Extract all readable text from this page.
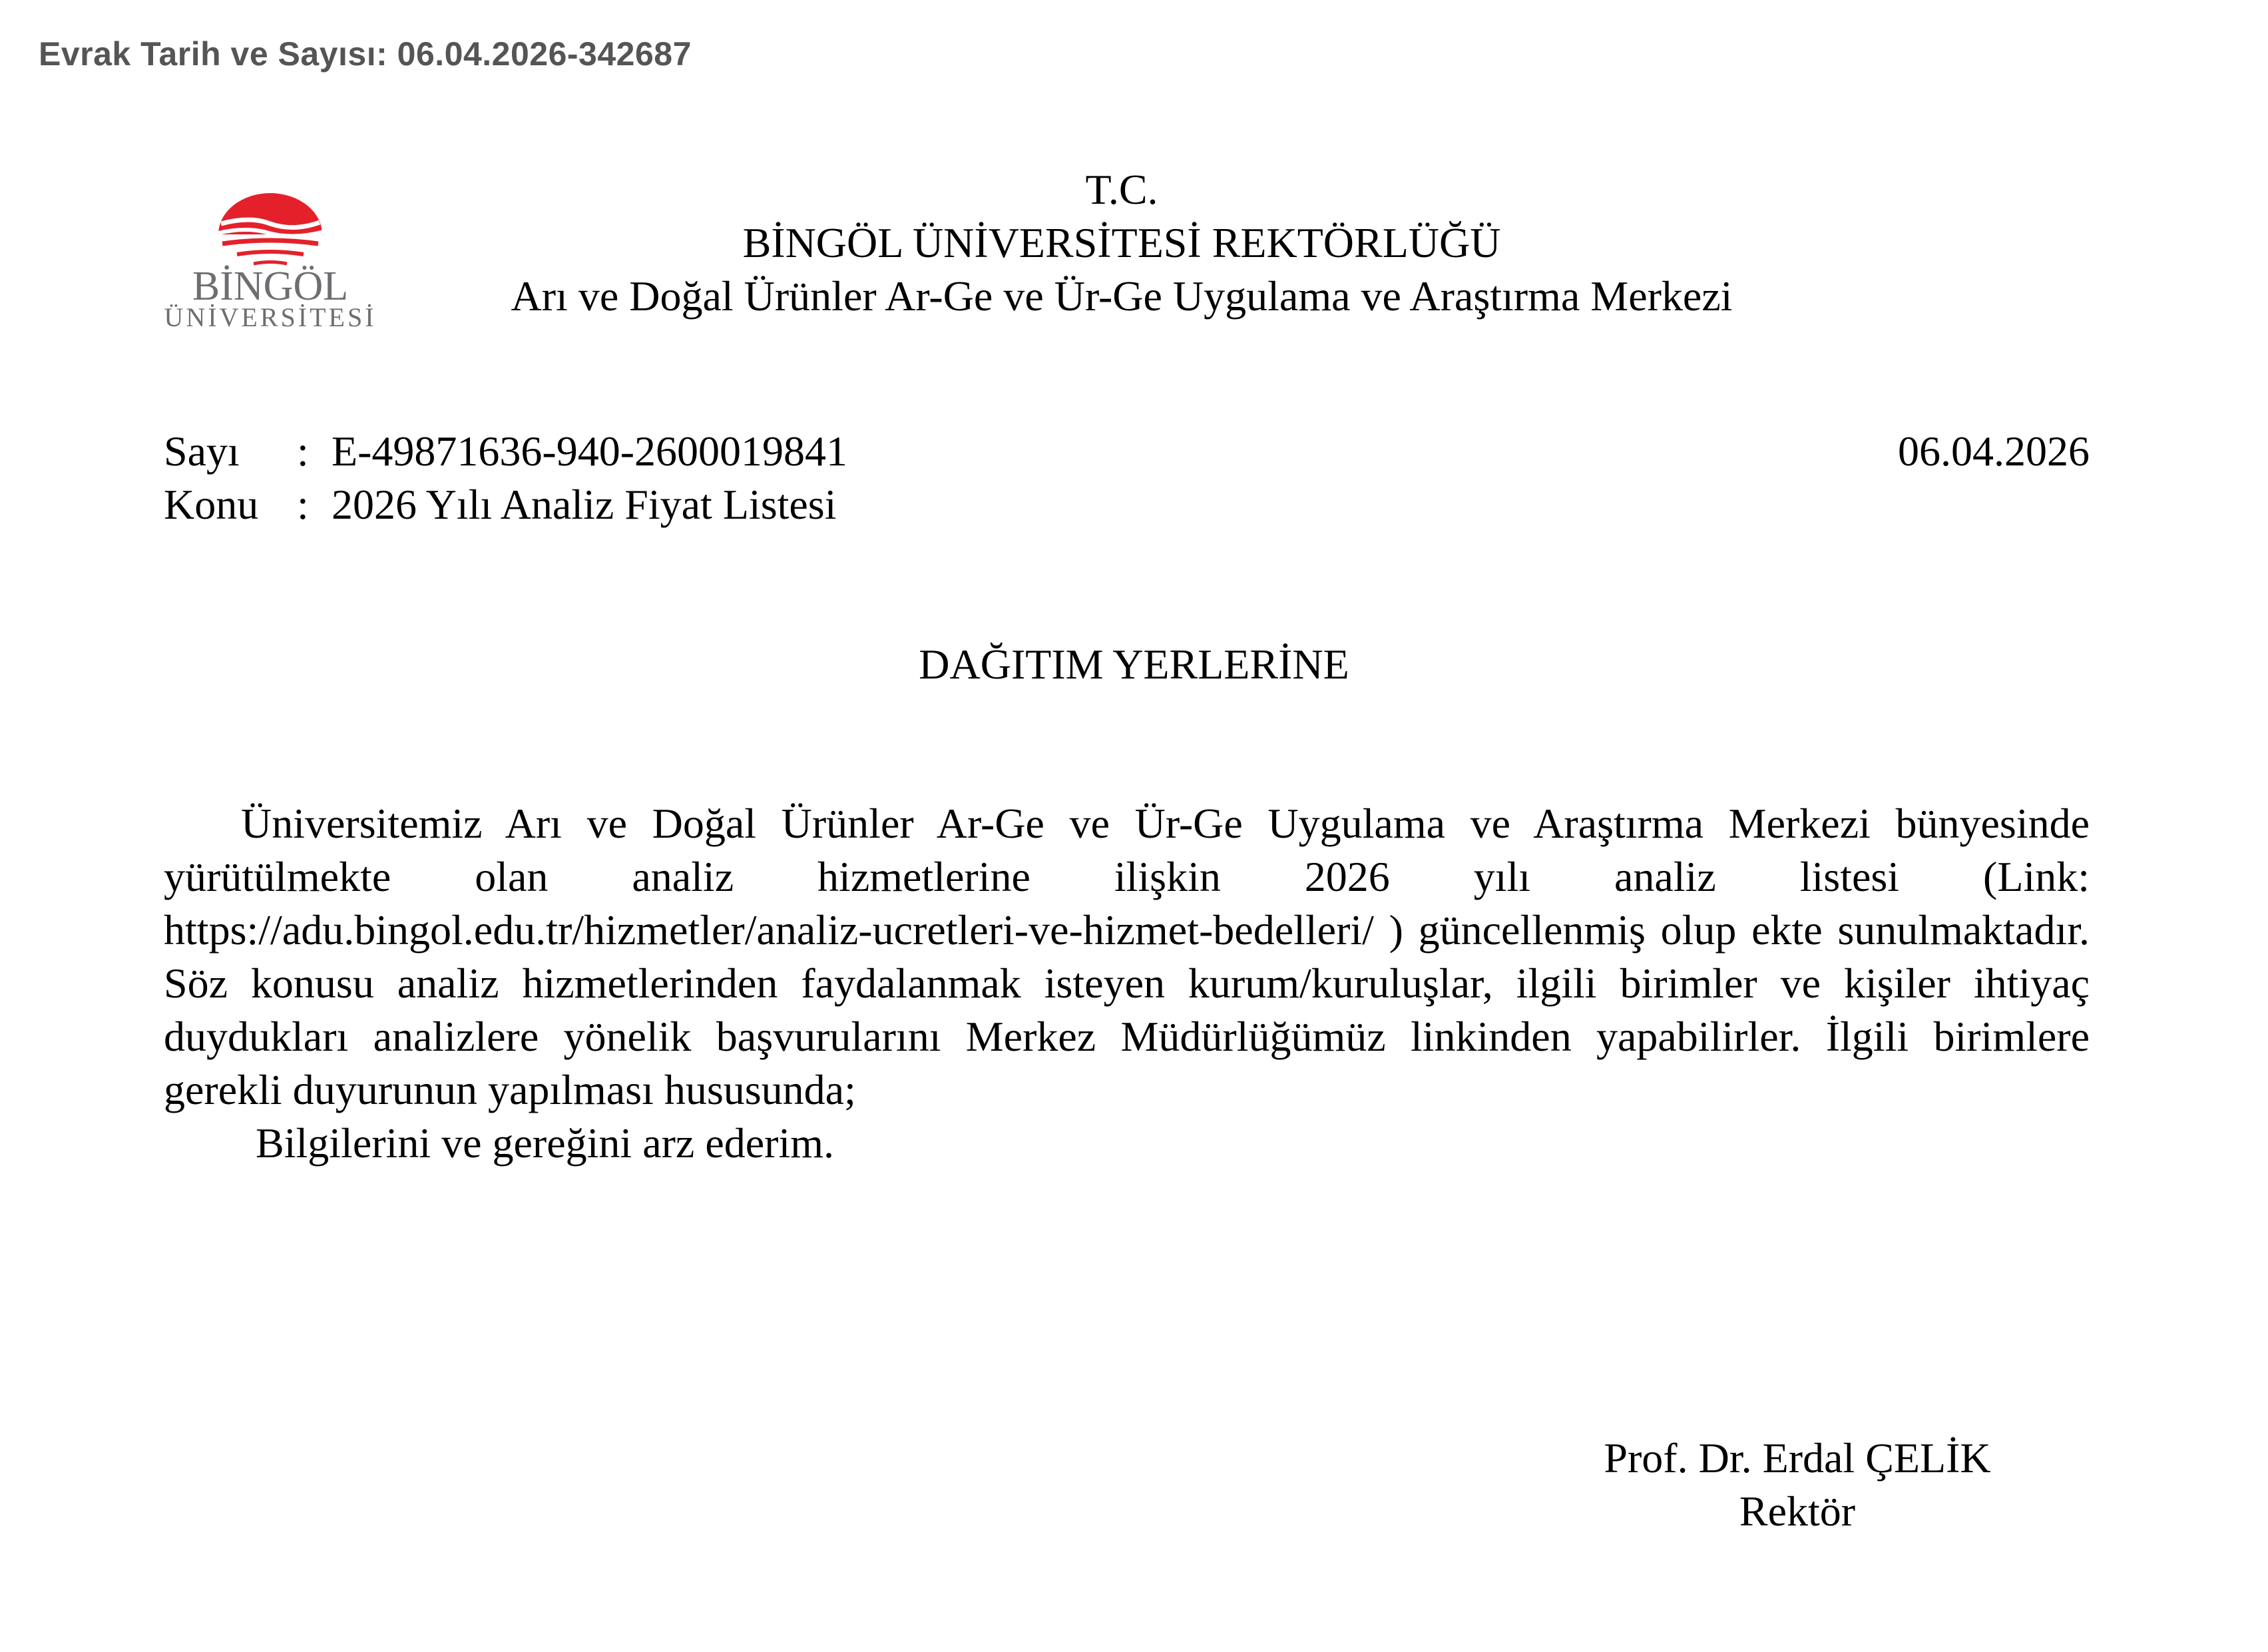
Evrak Tarih ve Sayısı: 06.04.2026-342687
BİNGÖL
ÜNİVERSİTESİ
T.C.
BİNGÖL ÜNİVERSİTESİ REKTÖRLÜĞÜ
Arı ve Doğal Ürünler Ar-Ge ve Ür-Ge Uygulama ve Araştırma Merkezi
Sayı	: E-49871636-940-2600019841
Konu : 2026 Yılı Analiz Fiyat Listesi
06.04.2026
DAĞITIM YERLERİNE

Üniversitemiz Arı ve Doğal Ürünler Ar-Ge ve Ür-Ge Uygulama ve Araştırma Merkezi bünyesinde yürütülmekte olan analiz hizmetlerine ilişkin 2026 yılı analiz listesi (Link: https://adu.bingol.edu.tr/hizmetler/analiz-ucretleri-ve-hizmet-bedelleri/ ) güncellenmiş olup ekte sunulmaktadır. Söz konusu analiz hizmetlerinden faydalanmak isteyen kurum/kuruluşlar, ilgili birimler ve kişiler ihtiyaç duydukları analizlere yönelik başvurularını Merkez Müdürlüğümüz linkinden yapabilirler. İlgili birimlere gerekli duyurunun yapılması hususunda;

Bilgilerini ve gereğini arz ederim.

Prof. Dr. Erdal ÇELİK
Rektör
